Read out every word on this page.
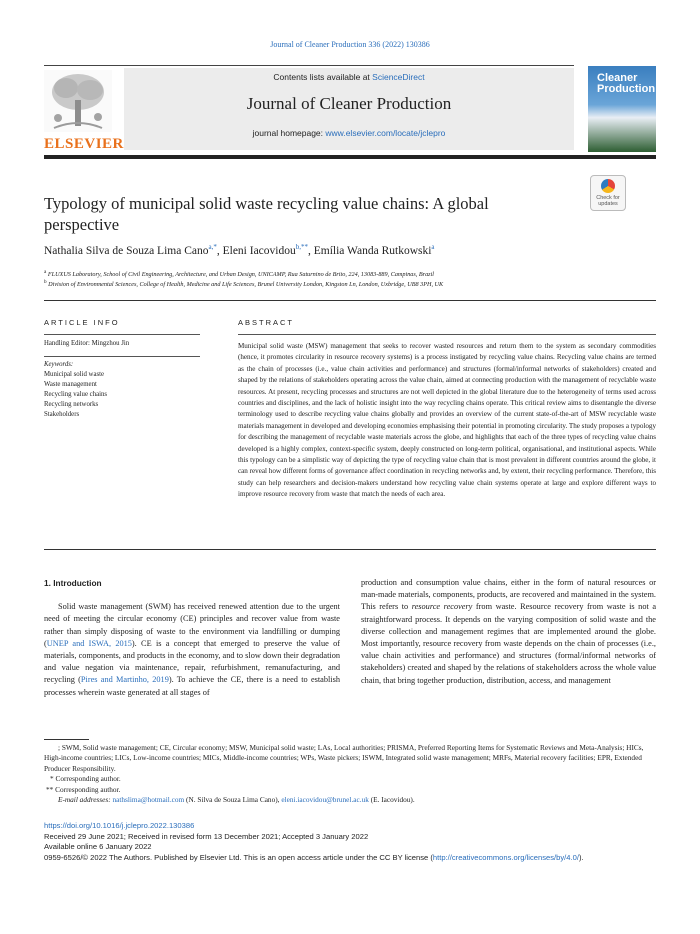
Journal of Cleaner Production 336 (2022) 130386
ELSEVIER
Contents lists available at ScienceDirect
Journal of Cleaner Production
journal homepage: www.elsevier.com/locate/jclepro
Cleaner
Production
Check for
updates
Typology of municipal solid waste recycling value chains: A global perspective
Nathalia Silva de Souza Lima Cano$^{a,*}$, Eleni Iacovidou$^{b,**}$, Emília Wanda Rutkowski$^a$
$^a$ FLUXUS Laboratory, School of Civil Engineering, Architecture, and Urban Design, UNICAMP, Rua Saturnino de Brito, 224, 13083-889, Campinas, Brazil
$^b$ Division of Environmental Sciences, College of Health, Medicine and Life Sciences, Brunel University London, Kingston Ln, London, Uxbridge, UB8 3PH, UK
ARTICLE INFO
Handling Editor: Mingzhou Jin
Keywords:
Municipal solid waste
Waste management
Recycling value chains
Recycling networks
Stakeholders
ABSTRACT
Municipal solid waste (MSW) management that seeks to recover wasted resources and return them to the system as secondary commodities (hence, it promotes circularity in resource recovery systems) is a process instigated by recycling value chains. Recycling value chains are termed as the chain of processes (i.e., value chain activities and performance) and structures (formal/informal networks of stakeholders) created and shaped by the relations of stakeholders operating across the value chain, aimed at connecting production with the management of recyclable waste resources. At present, recycling processes and structures are not well depicted in the global literature due to the heterogeneity of terms used across countries and disciplines, and the lack of holistic insight into the way recycling chains operate. This critical review aims to disentangle the diverse terminology used to describe recycling value chains globally and provides an overview of the current state-of-the-art of MSW recyclable waste materials management in developed and developing economies emphasising their potential in promoting circularity. The study proposes a typology for describing the management of recyclable waste materials across the globe, and highlights that each of the three types of recycling value chains developed is a highly complex, context-specific system, deeply constructed on long-term political, organisational, and institutional aspects. While this typology can be a simplistic way of depicting the type of recycling value chain that is most prevalent in different countries around the globe, it can reveal how different forms of governance affect coordination in recycling networks and, by extent, their recycling performance. Therefore, this study can help researchers and decision-makers understand how recycling value chain systems operate at large and explore different ways to improve resource recovery from waste that match the needs of each area.
1. Introduction
Solid waste management (SWM) has received renewed attention due to the urgent need of meeting the circular economy (CE) principles and recover value from waste rather than simply disposing of waste to the environment via landfilling or dumping (UNEP and ISWA, 2015). CE is a concept that emerged to preserve the value of materials, components, and products in the economy, and to slow down their degradation and value negation via maintenance, repair, refurbishment, remanufacturing, and recycling (Pires and Martinho, 2019). To achieve the CE, there is a need to establish processes wherein waste generated at all stages of
production and consumption value chains, either in the form of natural resources or man-made materials, components, products, are recovered and maintained in the system. This refers to resource recovery from waste. Resource recovery from waste is not a straightforward process. It depends on the varying composition of solid waste and the diverse collection and management regimes that are implemented around the globe. Most importantly, resource recovery from waste depends on the chain of processes (i.e., value chain activities and performance) and structures (formal/informal networks of stakeholders) created and shaped by the relations of stakeholders across the whole value chain, that bring together production, distribution, access, and management
; SWM, Solid waste management; CE, Circular economy; MSW, Municipal solid waste; LAs, Local authorities; PRISMA, Preferred Reporting Items for Systematic Reviews and Meta-Analysis; HICs, High-income countries; LICs, Low-income countries; MICs, Middle-income countries; WPs, Waste pickers; ISWM, Integrated solid waste management; MRFs, Material recovery facilities; EPR, Extended Producer Responsibility.
* Corresponding author.
** Corresponding author.
E-mail addresses: nathslima@hotmail.com (N. Silva de Souza Lima Cano), eleni.iacovidou@brunel.ac.uk (E. Iacovidou).
https://doi.org/10.1016/j.jclepro.2022.130386
Received 29 June 2021; Received in revised form 13 December 2021; Accepted 3 January 2022
Available online 6 January 2022
0959-6526/© 2022 The Authors. Published by Elsevier Ltd. This is an open access article under the CC BY license (http://creativecommons.org/licenses/by/4.0/).
